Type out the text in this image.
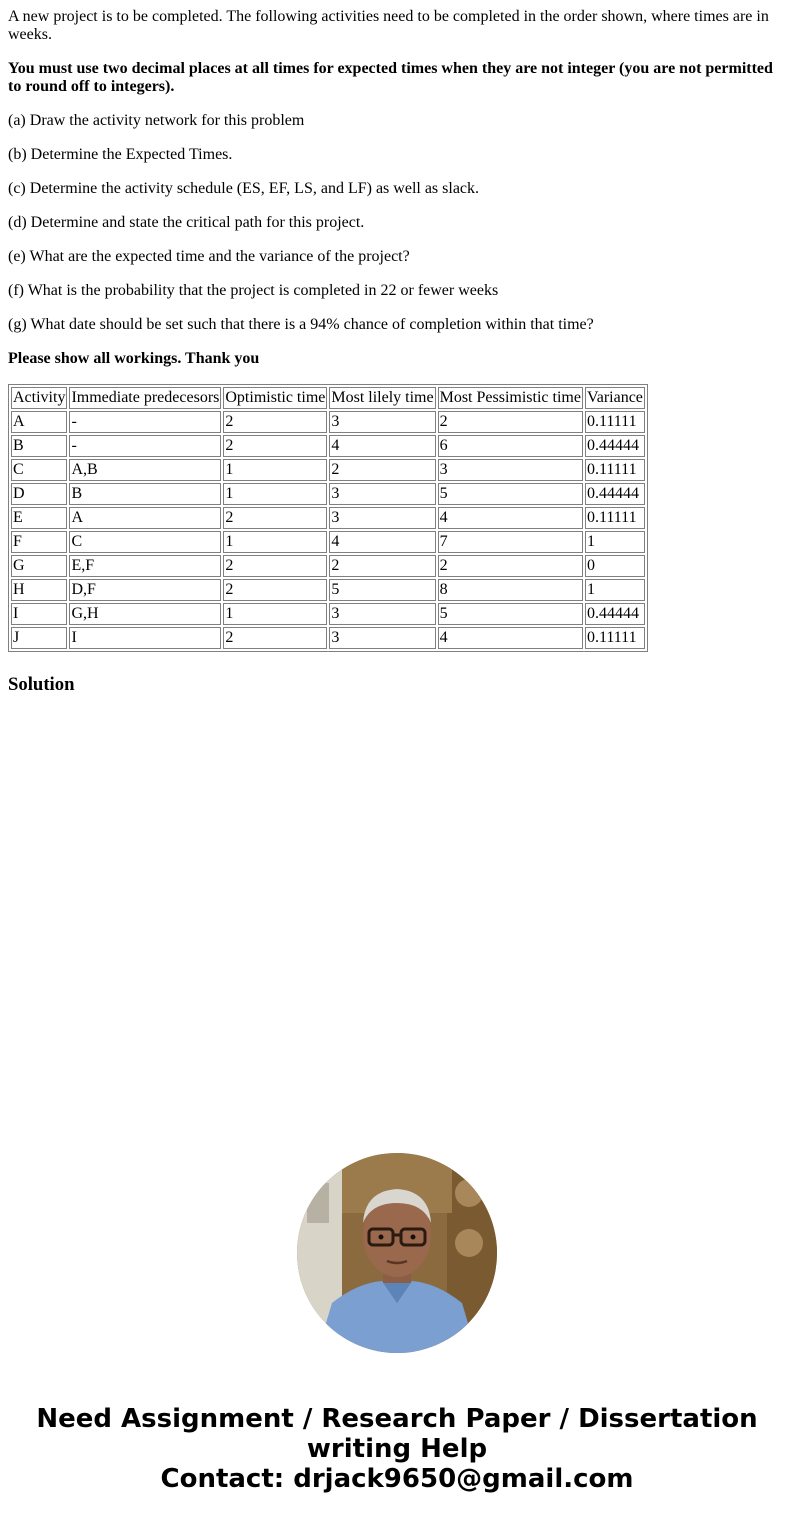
A new project is to be completed. The following activities need to be completed in the order shown, where times are in weeks.

You must use two decimal places at all times for expected times when they are not integer (you are not permitted to round off to integers).

(a) Draw the activity network for this problem

(b) Determine the Expected Times.

(c) Determine the activity schedule (ES, EF, LS, and LF) as well as slack.

(d) Determine and state the critical path for this project.

(e) What are the expected time and the variance of the project?

(f) What is the probability that the project is completed in 22 or fewer weeks

(g) What date should be set such that there is a 94% chance of completion within that time?

Please show all workings. Thank you

Activity	Immediate predecesors	Optimistic time	Most lilely time	Most Pessimistic time	Variance
A	-	2	3	2	0.11111
B	-	2	4	6	0.44444
C	A,B	1	2	3	0.11111
D	B	1	3	5	0.44444
E	A	2	3	4	0.11111
F	C	1	4	7	1
G	E,F	2	2	2	0
H	D,F	2	5	8	1
I	G,H	1	3	5	0.44444
J	I	2	3	4	0.11111
Solution
Need Assignment / Research Paper / Dissertation
writing Help
Contact: drjack9650@gmail.com
